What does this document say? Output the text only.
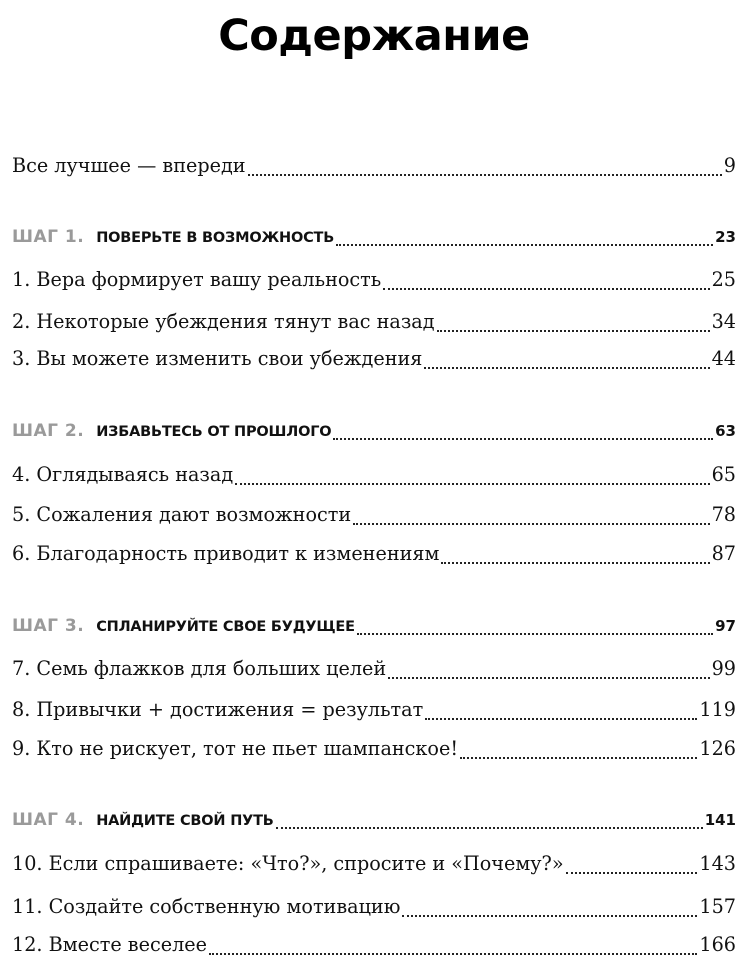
Содержание
Все лучшее — впереди	9
ШАГ 1. ПОВЕРЬТЕ В ВОЗМОЖНОСТЬ	23
1. Вера формирует вашу реальность	25
2. Некоторые убеждения тянут вас назад	34
3. Вы можете изменить свои убеждения	44
ШАГ 2. ИЗБАВЬТЕСЬ ОТ ПРОШЛОГО	63
4. Оглядываясь назад	65
5. Сожаления дают возможности	78
6. Благодарность приводит к изменениям	87
ШАГ 3. СПЛАНИРУЙТЕ СВОЕ БУДУЩЕЕ	97
7. Семь флажков для больших целей	99
8. Привычки + достижения = результат	119
9. Кто не рискует, тот не пьет шампанское!	126
ШАГ 4. НАЙДИТЕ СВОЙ ПУТЬ	141
10. Если спрашиваете: «Что?», спросите и «Почему?»	143
11. Создайте собственную мотивацию	157
12. Вместе веселее	166
